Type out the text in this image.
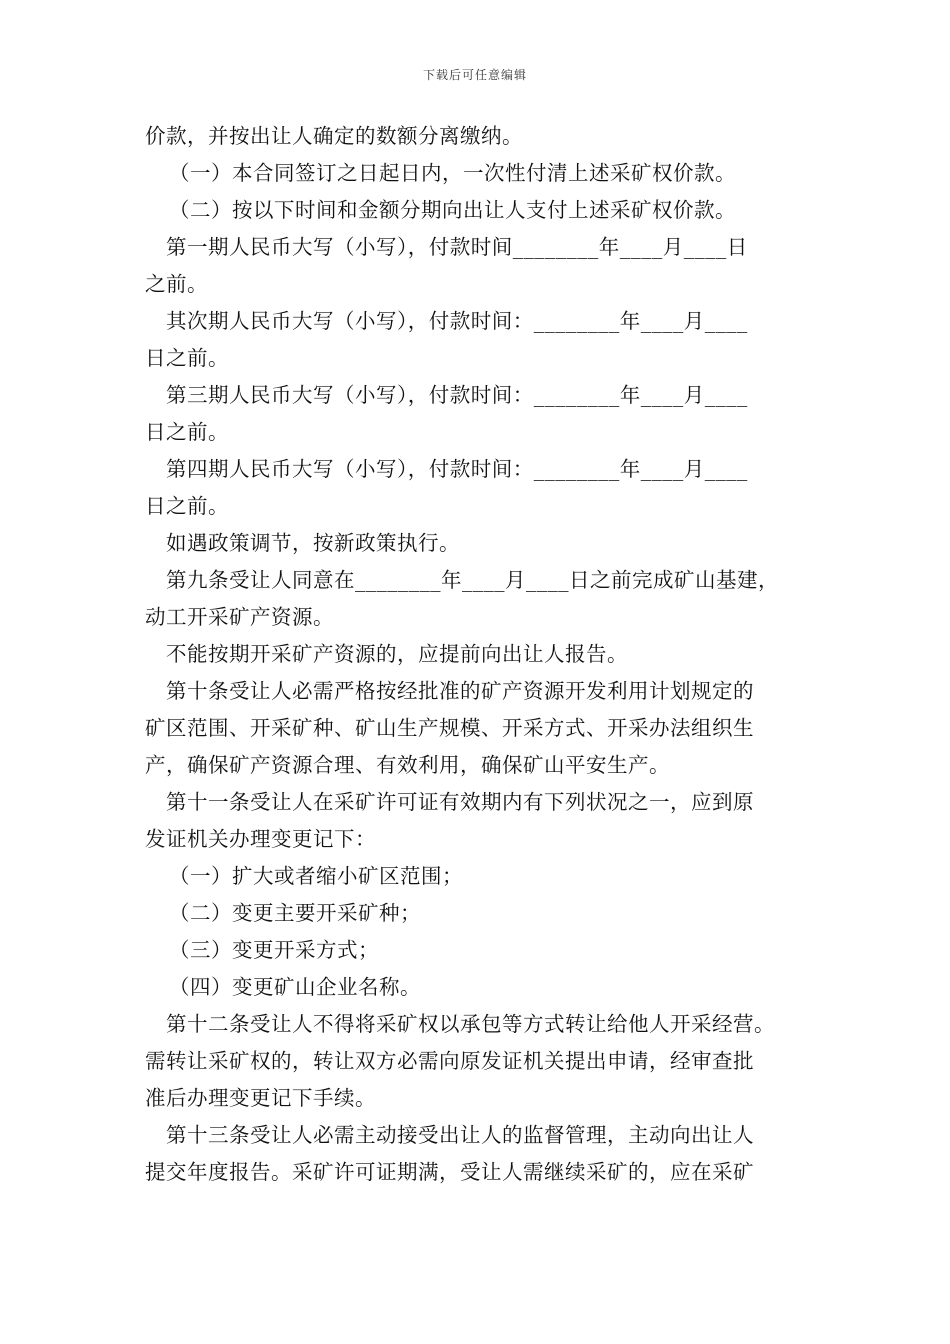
下载后可任意编辑
价款，并按出让人确定的数额分离缴纳。
（一）本合同签订之日起日内，一次性付清上述采矿权价款。
（二）按以下时间和金额分期向出让人支付上述采矿权价款。
第一期人民币大写（小写），付款时间________年____月____日
之前。
其次期人民币大写（小写），付款时间：________年____月____
日之前。
第三期人民币大写（小写），付款时间：________年____月____
日之前。
第四期人民币大写（小写），付款时间：________年____月____
日之前。
如遇政策调节，按新政策执行。
第九条受让人同意在________年____月____日之前完成矿山基建，
动工开采矿产资源。
不能按期开采矿产资源的，应提前向出让人报告。
第十条受让人必需严格按经批准的矿产资源开发利用计划规定的
矿区范围、开采矿种、矿山生产规模、开采方式、开采办法组织生
产，确保矿产资源合理、有效利用，确保矿山平安生产。
第十一条受让人在采矿许可证有效期内有下列状况之一，应到原
发证机关办理变更记下：
（一）扩大或者缩小矿区范围；
（二）变更主要开采矿种；
（三）变更开采方式；
（四）变更矿山企业名称。
第十二条受让人不得将采矿权以承包等方式转让给他人开采经营。
需转让采矿权的，转让双方必需向原发证机关提出申请，经审查批
准后办理变更记下手续。
第十三条受让人必需主动接受出让人的监督管理，主动向出让人
提交年度报告。采矿许可证期满，受让人需继续采矿的，应在采矿
